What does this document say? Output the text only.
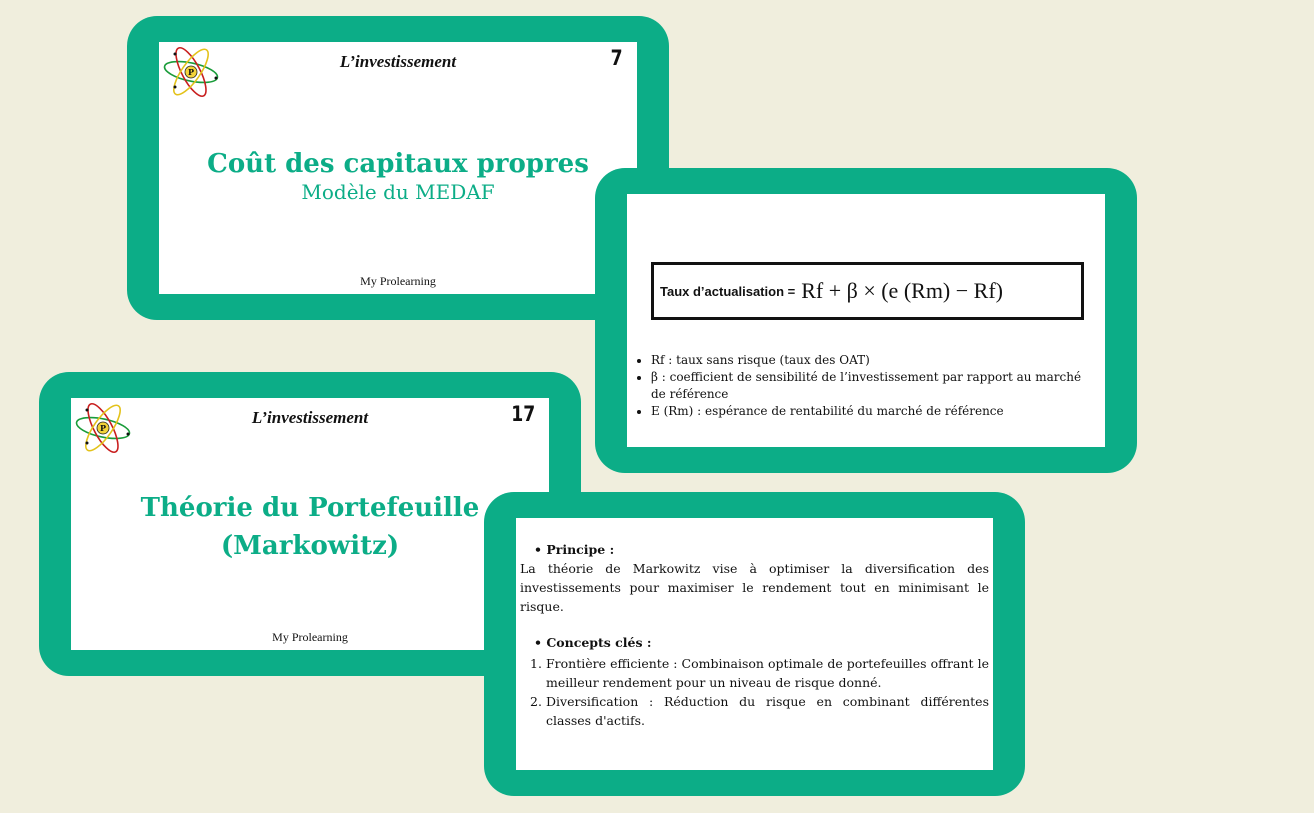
P
L’investissement	7
Coût des capitaux propres
Modèle du MEDAF
My Prolearning
Taux d’actualisation = Rf + β × (e (Rm) − Rf)
• Rf : taux sans risque (taux des OAT)
• β : coefficient de sensibilité de l’investissement par rapport au marché de référence
• E (Rm) : espérance de rentabilité du marché de référence
P
L’investissement	17
Théorie du Portefeuille
(Markowitz)
My Prolearning
• Principe :
La théorie de Markowitz vise à optimiser la diversification des investissements pour maximiser le rendement tout en minimisant le risque.
• Concepts clés :
1. Frontière efficiente : Combinaison optimale de portefeuilles offrant le meilleur rendement pour un niveau de risque donné.
2. Diversification : Réduction du risque en combinant différentes classes d'actifs.
